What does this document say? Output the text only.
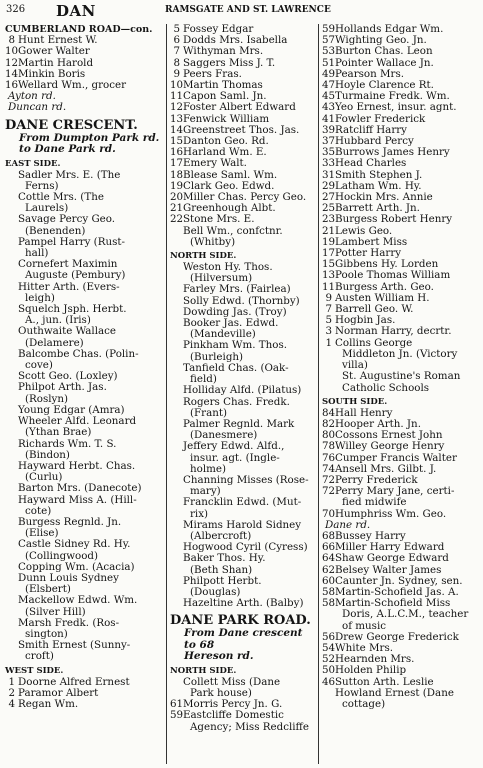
326 DAN	RAMSGATE AND ST. LAWRENCE
CUMBERLAND ROAD—con.
8 Hunt Ernest W.
10Gower Walter
12Martin Harold
14Minkin Boris
16Wellard Wm., grocer
Ayton rd.
Duncan rd.
DANE CRESCENT.
From Dumpton Park rd.
to Dane Park rd.
EAST SIDE.
Sadler Mrs. E. (The
Ferns)
Cottle Mrs. (The
Laurels)
Savage Percy Geo.
(Benenden)
Pampel Harry (Rust-
hall)
Cornefert Maximin
Auguste (Pembury)
Hitter Arth. (Evers-
leigh)
Squelch Jsph. Herbt.
A., jun. (Iris)
Outhwaite Wallace
(Delamere)
Balcombe Chas. (Polin-
cove)
Scott Geo. (Loxley)
Philpot Arth. Jas.
(Roslyn)
Young Edgar (Amra)
Wheeler Alfd. Leonard
(Ythan Brae)
Richards Wm. T. S.
(Bindon)
Hayward Herbt. Chas.
(Curlu)
Barton Mrs. (Danecote)
Hayward Miss A. (Hill-
cote)
Burgess Regnld. Jn.
(Elise)
Castle Sidney Rd. Hy.
(Collingwood)
Copping Wm. (Acacia)
Dunn Louis Sydney
(Elsbert)
Mackellow Edwd. Wm.
(Silver Hill)
Marsh Fredk. (Ros-
sington)
Smith Ernest (Sunny-
croft)
WEST SIDE.
1 Doorne Alfred Ernest
2 Paramor Albert
4 Regan Wm.
5 Fossey Edgar
6 Dodds Mrs. Isabella
7 Withyman Mrs.
8 Saggers Miss J. T.
9 Peers Fras.
10Martin Thomas
11Capon Saml. Jn.
12Foster Albert Edward
13Fenwick William
14Greenstreet Thos. Jas.
15Danton Geo. Rd.
16Harland Wm. E.
17Emery Walt.
18Blease Saml. Wm.
19Clark Geo. Edwd.
20Miller Chas. Percy Geo.
21Greenhough Albt.
22Stone Mrs. E.
Bell Wm., confctnr.
(Whitby)
NORTH SIDE.
Weston Hy. Thos.
(Hilversum)
Farley Mrs. (Fairlea)
Solly Edwd. (Thornby)
Dowding Jas. (Troy)
Booker Jas. Edwd.
(Mandeville)
Pinkham Wm. Thos.
(Burleigh)
Tanfield Chas. (Oak-
field)
Holliday Alfd. (Pilatus)
Rogers Chas. Fredk.
(Frant)
Palmer Regnld. Mark
(Danesmere)
Jeffery Edwd. Alfd.,
insur. agt. (Ingle-
holme)
Channing Misses (Rose-
mary)
Francklin Edwd. (Mut-
rix)
Mirams Harold Sidney
(Albercroft)
Hogwood Cyril (Cyress)
Baker Thos. Hy.
(Beth Shan)
Philpott Herbt.
(Douglas)
Hazeltine Arth. (Balby)
DANE PARK ROAD.
From Dane crescent to 68
Hereson rd.
NORTH SIDE.
Collett Miss (Dane
Park house)
61Morris Percy Jn. G.
59Eastcliffe Domestic
Agency; Miss Redcliffe
59Hollands Edgar Wm.
57Wighting Geo. Jn.
53Burton Chas. Leon
51Pointer Wallace Jn.
49Pearson Mrs.
47Hoyle Clarence Rt.
45Turmaine Fredk. Wm.
43Yeo Ernest, insur. agnt.
41Fowler Frederick
39Ratcliff Harry
37Hubbard Percy
35Burrows James Henry
33Head Charles
31Smith Stephen J.
29Latham Wm. Hy.
27Hockin Mrs. Annie
25Barrett Arth. Jn.
23Burgess Robert Henry
21Lewis Geo.
19Lambert Miss
17Potter Harry
15Gibbens Hy. Lorden
13Poole Thomas William
11Burgess Arth. Geo.
9 Austen William H.
7 Barrell Geo. W.
5 Hogbin Jas.
3 Norman Harry, decrtr.
1 Collins George
Middleton Jn. (Victory
villa)
St. Augustine's Roman
Catholic Schools
SOUTH SIDE.
84Hall Henry
82Hooper Arth. Jn.
80Cossons Ernest John
78Willey George Henry
76Cumper Francis Walter
74Ansell Mrs. Gilbt. J.
72Perry Frederick
72Perry Mary Jane, certi-
fied midwife
70Humphriss Wm. Geo.
Dane rd.
68Bussey Harry
66Miller Harry Edward
64Shaw George Edward
62Belsey Walter James
60Caunter Jn. Sydney, sen.
58Martin-Schofield Jas. A.
58Martin-Schofield Miss
Doris, A.L.C.M., teacher
of music
56Drew George Frederick
54White Mrs.
52Hearnden Mrs.
50Holden Philip
46Sutton Arth. Leslie
Howland Ernest (Dane
cottage)
